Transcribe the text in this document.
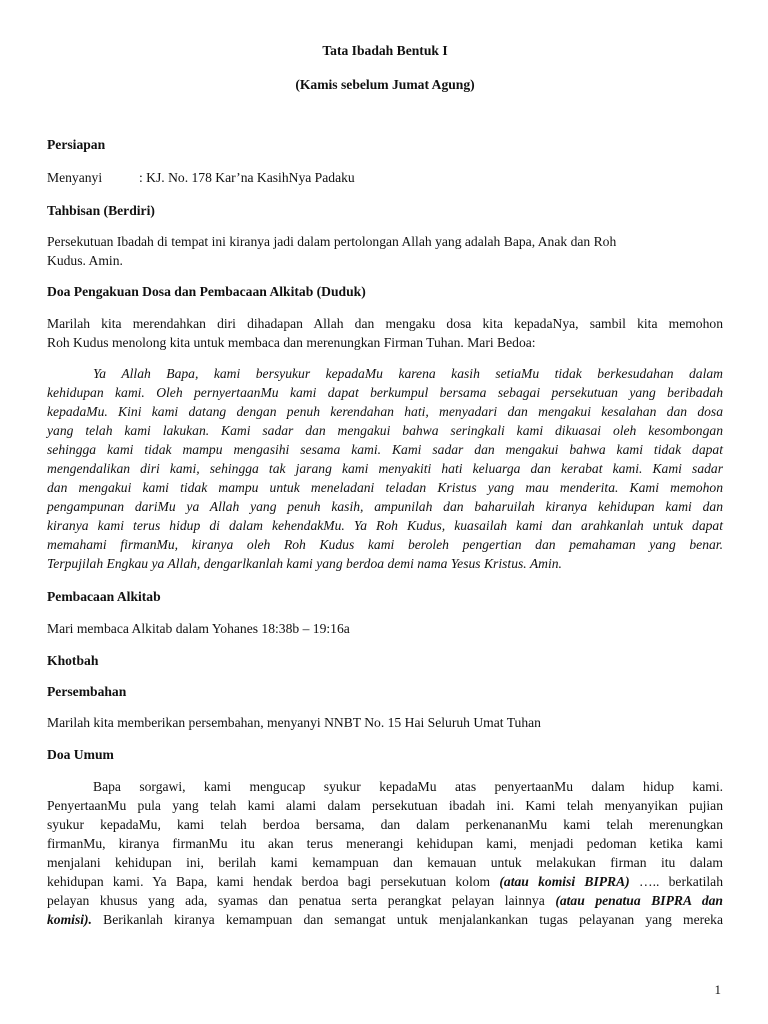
Tata Ibadah Bentuk I
(Kamis sebelum Jumat Agung)
Persiapan
Menyanyi	: KJ. No. 178 Kar’na KasihNya Padaku
Tahbisan (Berdiri)
Persekutuan Ibadah di tempat ini kiranya jadi dalam pertolongan Allah yang adalah Bapa, Anak dan Roh
Kudus. Amin.
Doa Pengakuan Dosa dan Pembacaan Alkitab (Duduk)
Marilah kita merendahkan diri dihadapan Allah dan mengaku dosa kita kepadaNya, sambil kita memohon
Roh Kudus menolong kita untuk membaca dan merenungkan Firman Tuhan. Mari Bedoa:
Ya Allah Bapa, kami bersyukur kepadaMu karena kasih setiaMu tidak berkesudahan dalam
kehidupan kami. Oleh pernyertaanMu kami dapat berkumpul bersama sebagai persekutuan yang beribadah
kepadaMu. Kini kami datang dengan penuh kerendahan hati, menyadari dan mengakui kesalahan dan dosa
yang telah kami lakukan. Kami sadar dan mengakui bahwa seringkali kami dikuasai oleh kesombongan
sehingga kami tidak mampu mengasihi sesama kami. Kami sadar dan mengakui bahwa kami tidak dapat
mengendalikan diri kami, sehingga tak jarang kami menyakiti hati keluarga dan kerabat kami. Kami sadar
dan mengakui kami tidak mampu untuk meneladani teladan Kristus yang mau menderita. Kami memohon
pengampunan dariMu ya Allah yang penuh kasih, ampunilah dan baharuilah kiranya kehidupan kami dan
kiranya kami terus hidup di dalam kehendakMu. Ya Roh Kudus, kuasailah kami dan arahkanlah untuk dapat
memahami firmanMu, kiranya oleh Roh Kudus kami beroleh pengertian dan pemahaman yang benar.
Terpujilah Engkau ya Allah, dengarlkanlah kami yang berdoa demi nama Yesus Kristus. Amin.
Pembacaan Alkitab
Mari membaca Alkitab dalam Yohanes 18:38b – 19:16a
Khotbah
Persembahan
Marilah kita memberikan persembahan, menyanyi NNBT No. 15 Hai Seluruh Umat Tuhan
Doa Umum
Bapa sorgawi, kami mengucap syukur kepadaMu atas penyertaanMu dalam hidup kami.
PenyertaanMu pula yang telah kami alami dalam persekutuan ibadah ini. Kami telah menyanyikan pujian
syukur kepadaMu, kami telah berdoa bersama, dan dalam perkenananMu kami telah merenungkan
firmanMu, kiranya firmanMu itu akan terus menerangi kehidupan kami, menjadi pedoman ketika kami
menjalani kehidupan ini, berilah kami kemampuan dan kemauan untuk melakukan firman itu dalam
kehidupan kami. Ya Bapa, kami hendak berdoa bagi persekutuan kolom (atau komisi BIPRA) ….. berkatilah
pelayan khusus yang ada, syamas dan penatua serta perangkat pelayan lainnya (atau penatua BIPRA dan
komisi). Berikanlah kiranya kemampuan dan semangat untuk menjalankankan tugas pelayanan yang mereka
1
